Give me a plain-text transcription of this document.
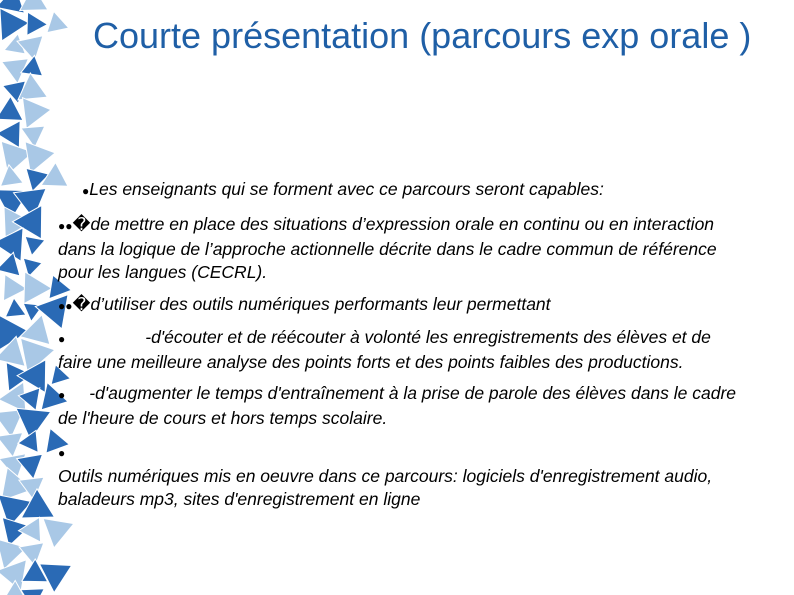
Courte présentation (parcours exp orale )
●Les enseignants qui se forment avec ce parcours seront capables:
●●�de mettre en place des situations d’expression orale en continu ou en interaction dans la logique de l’approche actionnelle décrite dans le cadre commun de référence pour les langues (CECRL).
●●�d’utiliser des outils numériques performants leur permettant
●	-d'écouter et de réécouter à volonté les enregistrements des élèves et de faire une meilleure analyse des points forts et des points faibles des productions.
● -d'augmenter le temps d'entraînement à la prise de parole des élèves dans le cadre de l'heure de cours et hors temps scolaire.
●
Outils numériques mis en oeuvre dans ce parcours: logiciels d'enregistrement audio, baladeurs mp3, sites d'enregistrement en ligne
